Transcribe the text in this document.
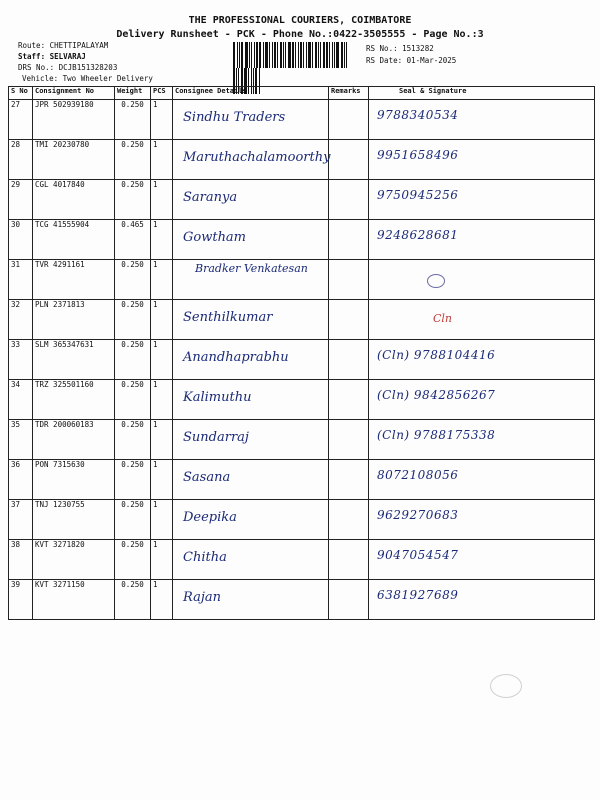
THE PROFESSIONAL COURIERS, COIMBATORE
Delivery Runsheet - PCK - Phone No.:0422-3505555 - Page No.:3
Route: CHETTIPALAYAM
Staff: SELVARAJ
DRS No.: DCJB151328203
Vehicle: Two Wheeler Delivery
RS No.: 1513282
RS Date: 01-Mar-2025
S No	Consignment No	Weight	PCS	Consignee Details	Remarks	Seal & Signature
27	JPR 502939180	0.250	1	Sindhu Traders		9788340534

28	TMI 20230780	0.250	1	Maruthachalamoorthy		9951658496

29	CGL 4017840	0.250	1	Saranya		9750945256

30	TCG 41555904	0.465	1	Gowtham		9248628681

31	TVR 4291161	0.250	1	Bradker Venkatesan		

32	PLN 2371813	0.250	1	Senthilkumar		Cln

33	SLM 365347631	0.250	1	Anandhaprabhu		(Cln) 9788104416

34	TRZ 325501160	0.250	1	Kalimuthu		(Cln) 9842856267

35	TDR 200060183	0.250	1	Sundarraj		(Cln) 9788175338

36	PON 7315630	0.250	1	Sasana		8072108056

37	TNJ 1230755	0.250	1	Deepika		9629270683

38	KVT 3271820	0.250	1	Chitha		9047054547

39	KVT 3271150	0.250	1	Rajan		6381927689
